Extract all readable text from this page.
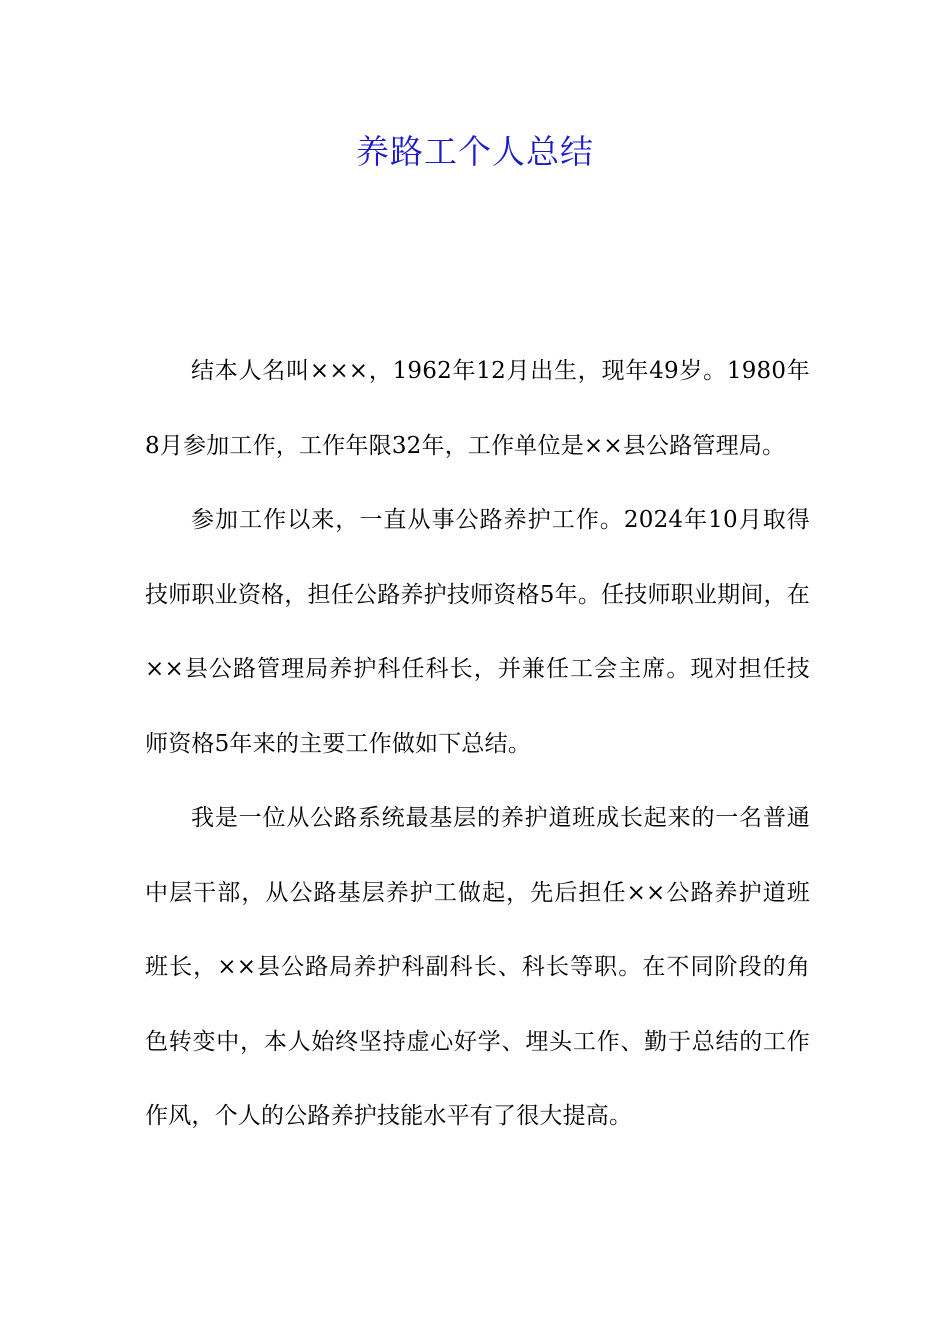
养路工个人总结

结本人名叫×××，1962年12月出生，现年49岁。1980年8月参加工作，工作年限32年，工作单位是××县公路管理局。

参加工作以来，一直从事公路养护工作。2024年10月取得技师职业资格，担任公路养护技师资格5年。任技师职业期间，在××县公路管理局养护科任科长，并兼任工会主席。现对担任技师资格5年来的主要工作做如下总结。

我是一位从公路系统最基层的养护道班成长起来的一名普通中层干部，从公路基层养护工做起，先后担任××公路养护道班班长，××县公路局养护科副科长、科长等职。在不同阶段的角色转变中，本人始终坚持虚心好学、埋头工作、勤于总结的工作作风，个人的公路养护技能水平有了很大提高。
